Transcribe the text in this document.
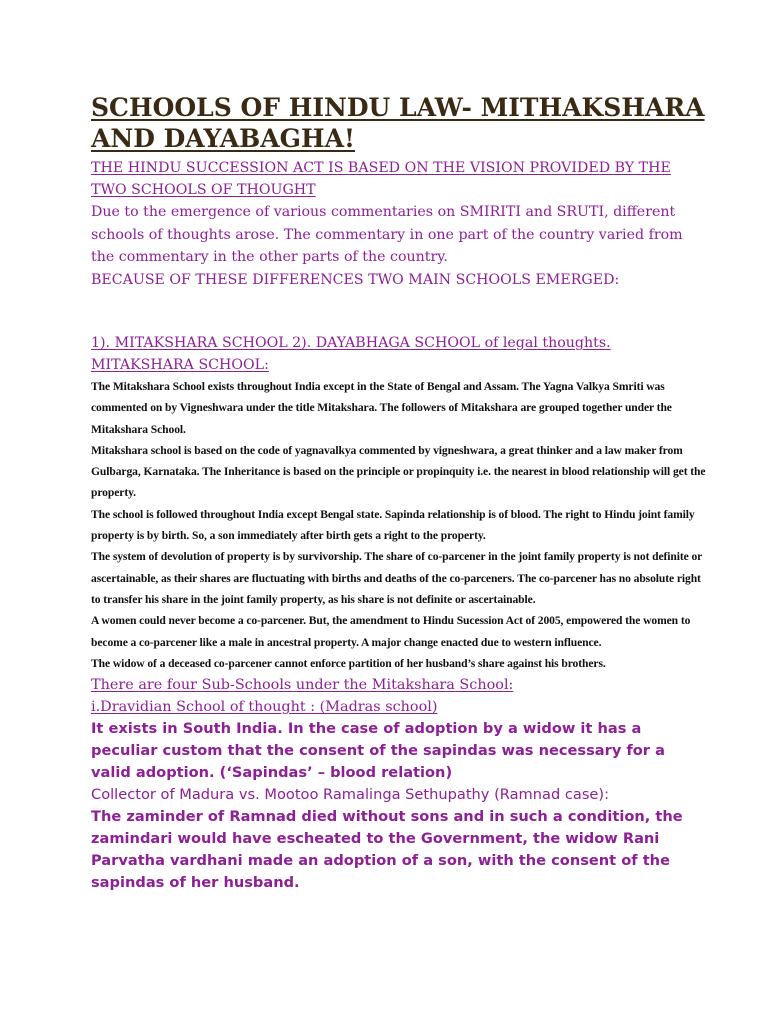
SCHOOLS OF HINDU LAW- MITHAKSHARA AND DAYABAGHA!

THE HINDU SUCCESSION ACT IS BASED ON THE VISION PROVIDED BY THE TWO SCHOOLS OF THOUGHT

Due to the emergence of various commentaries on SMIRITI and SRUTI, different schools of thoughts arose. The commentary in one part of the country varied from the commentary in the other parts of the country.

BECAUSE OF THESE DIFFERENCES TWO MAIN SCHOOLS EMERGED:

1). MITAKSHARA SCHOOL 2). DAYABHAGA SCHOOL of legal thoughts.

MITAKSHARA SCHOOL:

The Mitakshara School exists throughout India except in the State of Bengal and Assam. The Yagna Valkya Smriti was commented on by Vigneshwara under the title Mitakshara. The followers of Mitakshara are grouped together under the Mitakshara School.

Mitakshara school is based on the code of yagnavalkya commented by vigneshwara, a great thinker and a law maker from Gulbarga, Karnataka. The Inheritance is based on the principle or propinquity i.e. the nearest in blood relationship will get the property.

The school is followed throughout India except Bengal state. Sapinda relationship is of blood. The right to Hindu joint family property is by birth. So, a son immediately after birth gets a right to the property.

The system of devolution of property is by survivorship. The share of co-parcener in the joint family property is not definite or ascertainable, as their shares are fluctuating with births and deaths of the co-parceners. The co-parcener has no absolute right to transfer his share in the joint family property, as his share is not definite or ascertainable.

A women could never become a co-parcener. But, the amendment to Hindu Sucession Act of 2005, empowered the women to become a co-parcener like a male in ancestral property. A major change enacted due to western influence.

The widow of a deceased co-parcener cannot enforce partition of her husband’s share against his brothers.

There are four Sub-Schools under the Mitakshara School:

i.Dravidian School of thought : (Madras school)

It exists in South India. In the case of adoption by a widow it has a peculiar custom that the consent of the sapindas was necessary for a valid adoption. (‘Sapindas’ – blood relation)

Collector of Madura vs. Mootoo Ramalinga Sethupathy (Ramnad case):

The zaminder of Ramnad died without sons and in such a condition, the zamindari would have escheated to the Government, the widow Rani Parvatha vardhani made an adoption of a son, with the consent of the sapindas of her husband.
